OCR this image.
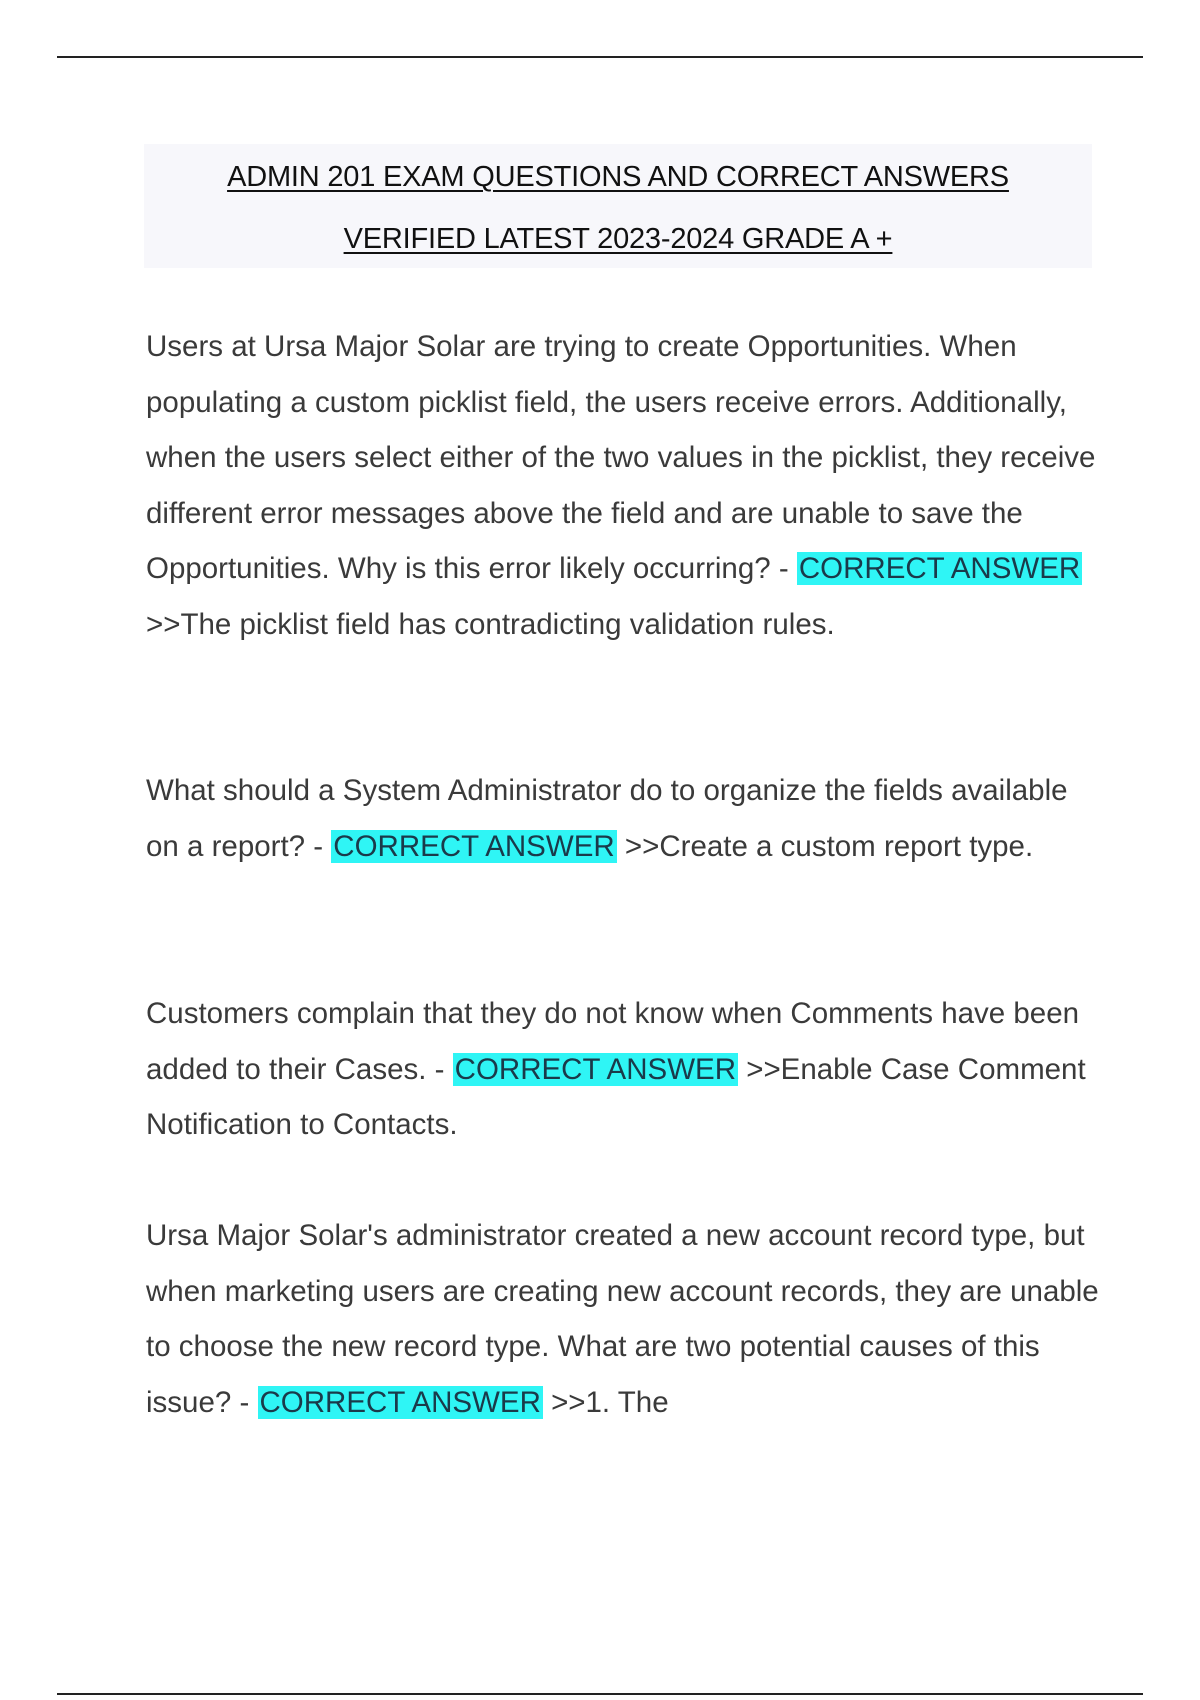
ADMIN 201 EXAM QUESTIONS AND CORRECT ANSWERS
VERIFIED LATEST 2023-2024 GRADE A +

Users at Ursa Major Solar are trying to create Opportunities. When populating a custom picklist field, the users receive errors. Additionally, when the users select either of the two values in the picklist, they receive different error messages above the field and are unable to save the Opportunities. Why is this error likely occurring? - CORRECT ANSWER >>The picklist field has contradicting validation rules.

What should a System Administrator do to organize the fields available on a report? - CORRECT ANSWER >>Create a custom report type.

Customers complain that they do not know when Comments have been added to their Cases. - CORRECT ANSWER >>Enable Case Comment Notification to Contacts.

Ursa Major Solar's administrator created a new account record type, but when marketing users are creating new account records, they are unable to choose the new record type. What are two potential causes of this issue? - CORRECT ANSWER >>1. The
